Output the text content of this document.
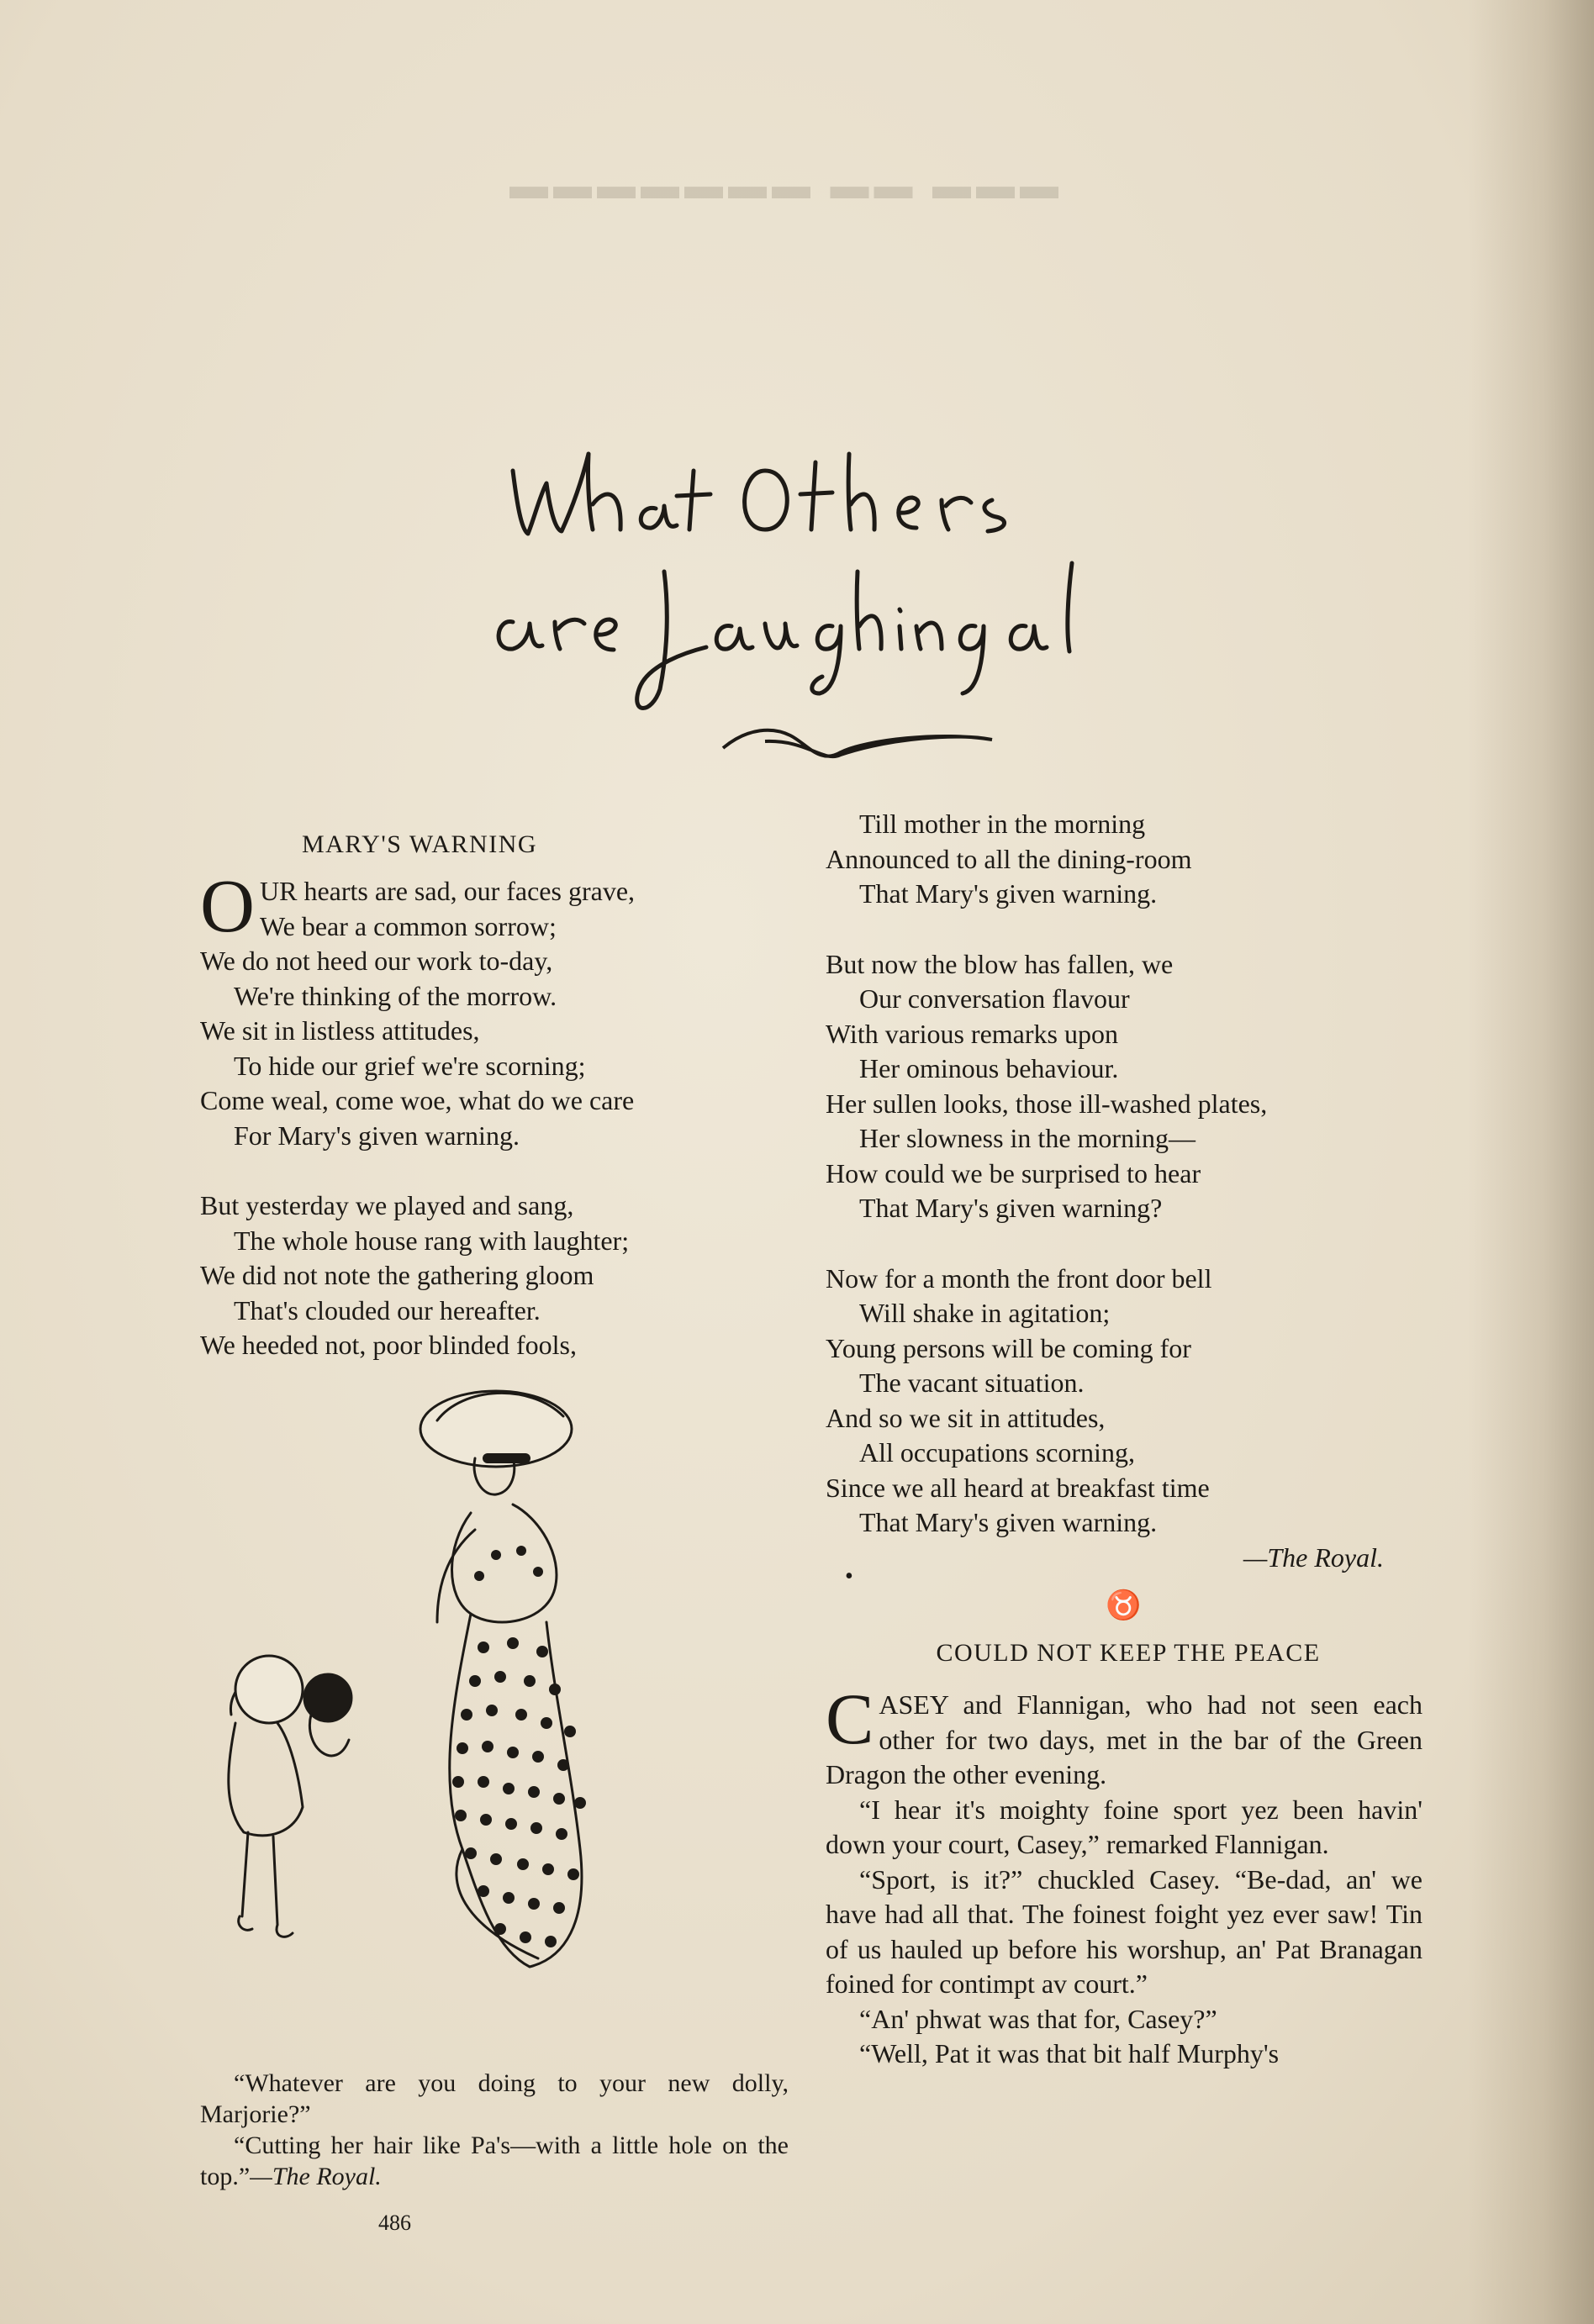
▬▬▬ ▬▬ ▬▬▬▬▬▬▬
MARY'S WARNING
OUR hearts are sad, our faces grave,
We bear a common sorrow;
We do not heed our work to-day,
We're thinking of the morrow.
We sit in listless attitudes,
To hide our grief we're scorning;
Come weal, come woe, what do we care
For Mary's given warning.
But yesterday we played and sang,
The whole house rang with laughter;
We did not note the gathering gloom
That's clouded our hereafter.
We heeded not, poor blinded fools,
Till mother in the morning
Announced to all the dining-room
That Mary's given warning.
But now the blow has fallen, we
Our conversation flavour
With various remarks upon
Her ominous behaviour.
Her sullen looks, those ill-washed plates,
Her slowness in the morning—
How could we be surprised to hear
That Mary's given warning?
Now for a month the front door bell
Will shake in agitation;
Young persons will be coming for
The vacant situation.
And so we sit in attitudes,
All occupations scorning,
Since we all heard at breakfast time
That Mary's given warning.
—The Royal.
•
♉
COULD NOT KEEP THE PEACE

CASEY and Flannigan, who had not seen each other for two days, met in the bar of the Green Dragon the other evening.

“I hear it's moighty foine sport yez been havin' down your court, Casey,” remarked Flannigan.

“Sport, is it?” chuckled Casey. “Be-dad, an' we have had all that. The foinest foight yez ever saw! Tin of us hauled up before his worshup, an' Pat Branagan foined for contimpt av court.”

“An' phwat was that for, Casey?”

“Well, Pat it was that bit half Murphy's

“Whatever are you doing to your new dolly, Marjorie?”

“Cutting her hair like Pa's—with a little hole on the top.”—The Royal.

486
